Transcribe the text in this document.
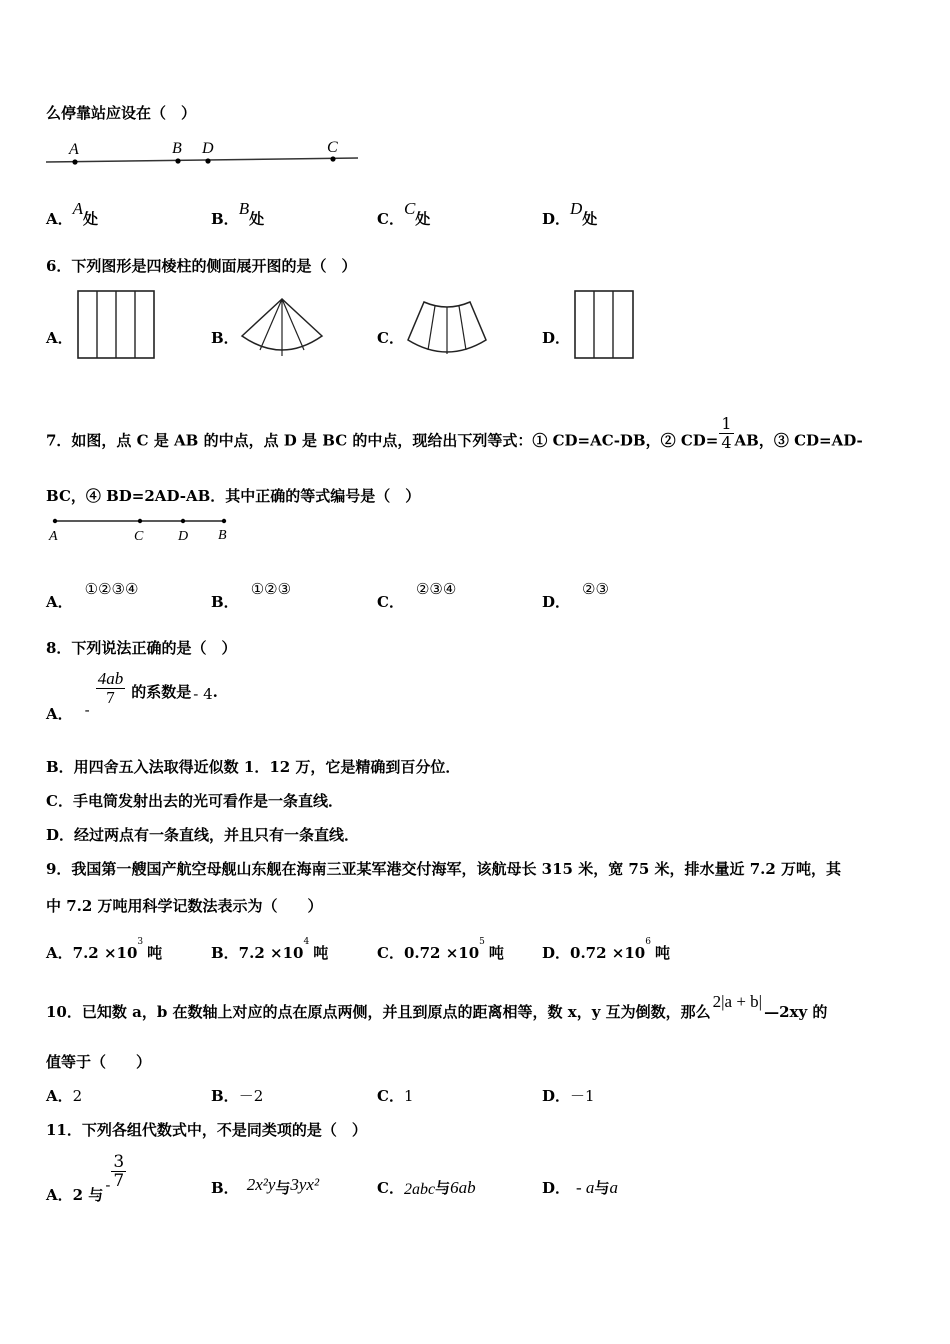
么停靠站应设在（　）
A	B D	C
A．A处	B．B处	C．C处	D．D处
6．下列图形是四棱柱的侧面展开图的是（　）
A．	B．	C．	D．
7．如图，点 C 是 AB 的中点，点 D 是 BC 的中点，现给出下列等式：① CD=AC-DB，② $CD= \frac{1}{4}$ AB，③ CD=AD-
BC，④ BD=2AD-AB．其中正确的等式编号是（　）
A	C D B
A．①②③④
B．①②③
C．②③④
D．②③
8．下列说法正确的是（　）
A． -
$\frac{4ab}{7}$ 的系数是 - 4.
B．用四舍五入法取得近似数 1．12 万，它是精确到百分位．
C．手电筒发射出去的光可看作是一条直线．
D．经过两点有一条直线，并且只有一条直线．
9．我国第一艘国产航空母舰山东舰在海南三亚某军港交付海军，该航母长 315 米，宽 75 米，排水量近 7.2 万吨，其
中 7.2 万吨用科学记数法表示为（　　）
A．$7.2 \times 10^3$吨	B．$7.2 \times 10^4$吨	C．$0.72 \times 10^5$吨	D．$0.72 \times 10^6$吨
10．已知数 a，b 在数轴上对应的点在原点两侧，并且到原点的距离相等，数 x，y 互为倒数，那么2|a + b|—2xy 的
值等于（　　）
A．2	B．－2	C．1	D．－1
11．下列各组代数式中，不是同类项的是（　）
A．2 与- $\frac{3}{7}$	B． 2x²y与3yx²	C．2abc与6ab	D． - a与a
